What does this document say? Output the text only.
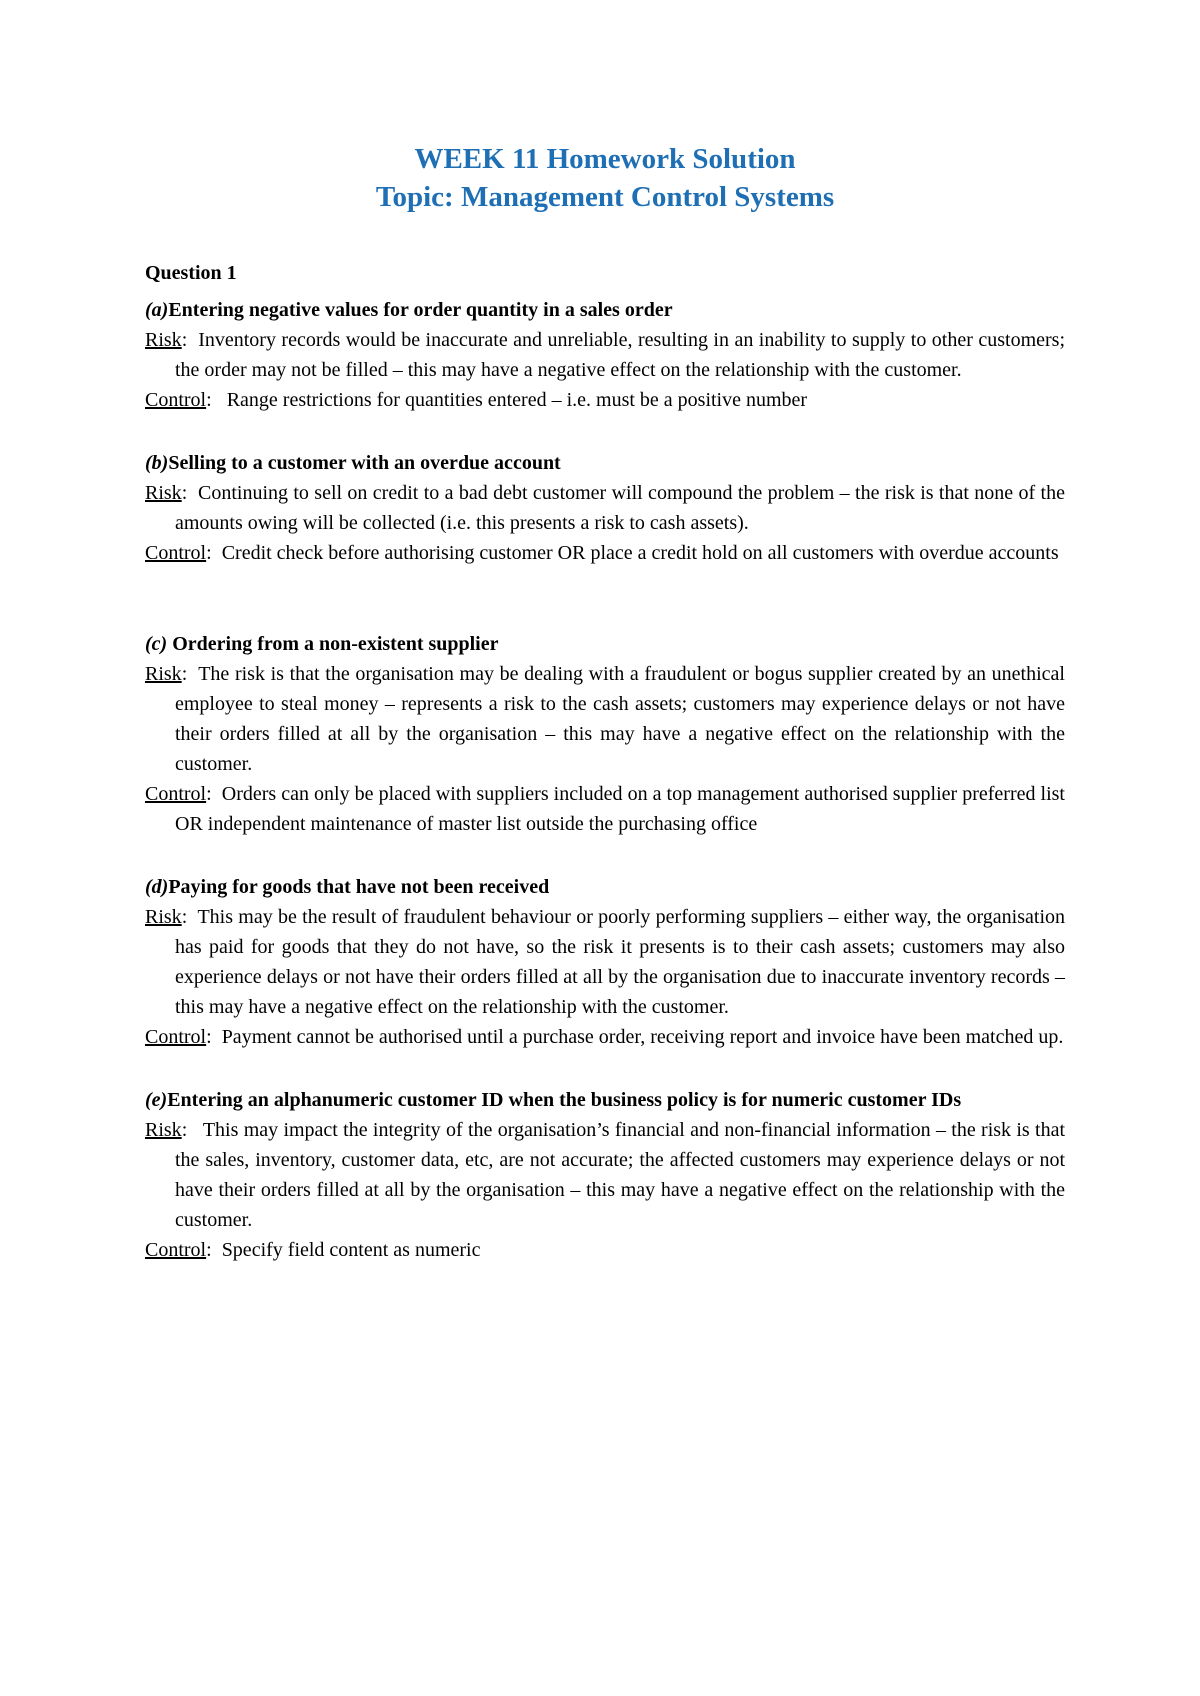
WEEK 11 Homework Solution
Topic: Management Control Systems
Question 1
(a)Entering negative values for order quantity in a sales order
Risk:  Inventory records would be inaccurate and unreliable, resulting in an inability to supply to other customers; the order may not be filled – this may have a negative effect on the relationship with the customer.
Control:   Range restrictions for quantities entered – i.e. must be a positive number
(b)Selling to a customer with an overdue account
Risk:  Continuing to sell on credit to a bad debt customer will compound the problem – the risk is that none of the amounts owing will be collected (i.e. this presents a risk to cash assets).
Control:  Credit check before authorising customer OR place a credit hold on all customers with overdue accounts
(c) Ordering from a non-existent supplier
Risk:  The risk is that the organisation may be dealing with a fraudulent or bogus supplier created by an unethical employee to steal money – represents a risk to the cash assets; customers may experience delays or not have their orders filled at all by the organisation – this may have a negative effect on the relationship with the customer.
Control:  Orders can only be placed with suppliers included on a top management authorised supplier preferred list OR independent maintenance of master list outside the purchasing office
(d)Paying for goods that have not been received
Risk:  This may be the result of fraudulent behaviour or poorly performing suppliers – either way, the organisation has paid for goods that they do not have, so the risk it presents is to their cash assets; customers may also experience delays or not have their orders filled at all by the organisation due to inaccurate inventory records – this may have a negative effect on the relationship with the customer.
Control:  Payment cannot be authorised until a purchase order, receiving report and invoice have been matched up.
(e)Entering an alphanumeric customer ID when the business policy is for numeric customer IDs
Risk:   This may impact the integrity of the organisation’s financial and non-financial information – the risk is that the sales, inventory, customer data, etc, are not accurate; the affected customers may experience delays or not have their orders filled at all by the organisation – this may have a negative effect on the relationship with the customer.
Control:  Specify field content as numeric
